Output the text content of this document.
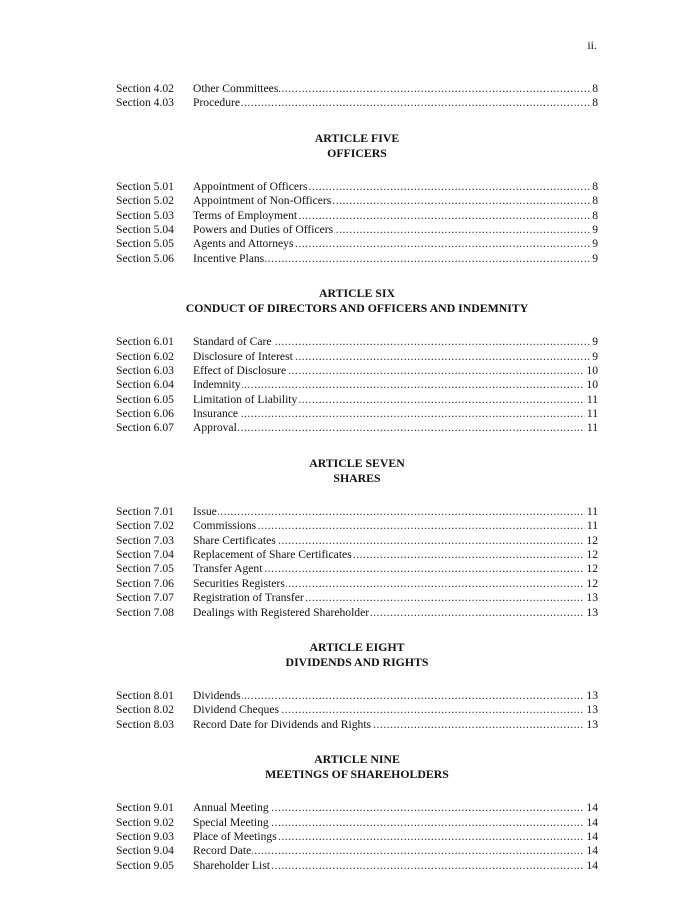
ii.
Section 4.02	Other Committees .....	8
Section 4.03	Procedure .....	8
ARTICLE FIVE
OFFICERS
Section 5.01	Appointment of Officers .....	8
Section 5.02	Appointment of Non-Officers .....	8
Section 5.03	Terms of Employment .....	8
Section 5.04	Powers and Duties of Officers .....	9
Section 5.05	Agents and Attorneys .....	9
Section 5.06	Incentive Plans .....	9
ARTICLE SIX
CONDUCT OF DIRECTORS AND OFFICERS AND INDEMNITY
Section 6.01	Standard of Care .....	9
Section 6.02	Disclosure of Interest .....	9
Section 6.03	Effect of Disclosure .....	10
Section 6.04	Indemnity .....	10
Section 6.05	Limitation of Liability .....	11
Section 6.06	Insurance .....	11
Section 6.07	Approval .....	11
ARTICLE SEVEN
SHARES
Section 7.01	Issue .....	11
Section 7.02	Commissions .....	11
Section 7.03	Share Certificates .....	12
Section 7.04	Replacement of Share Certificates .....	12
Section 7.05	Transfer Agent .....	12
Section 7.06	Securities Registers .....	12
Section 7.07	Registration of Transfer .....	13
Section 7.08	Dealings with Registered Shareholder .....	13
ARTICLE EIGHT
DIVIDENDS AND RIGHTS
Section 8.01	Dividends .....	13
Section 8.02	Dividend Cheques .....	13
Section 8.03	Record Date for Dividends and Rights .....	13
ARTICLE NINE
MEETINGS OF SHAREHOLDERS
Section 9.01	Annual Meeting .....	14
Section 9.02	Special Meeting .....	14
Section 9.03	Place of Meetings .....	14
Section 9.04	Record Date .....	14
Section 9.05	Shareholder List .....	14
